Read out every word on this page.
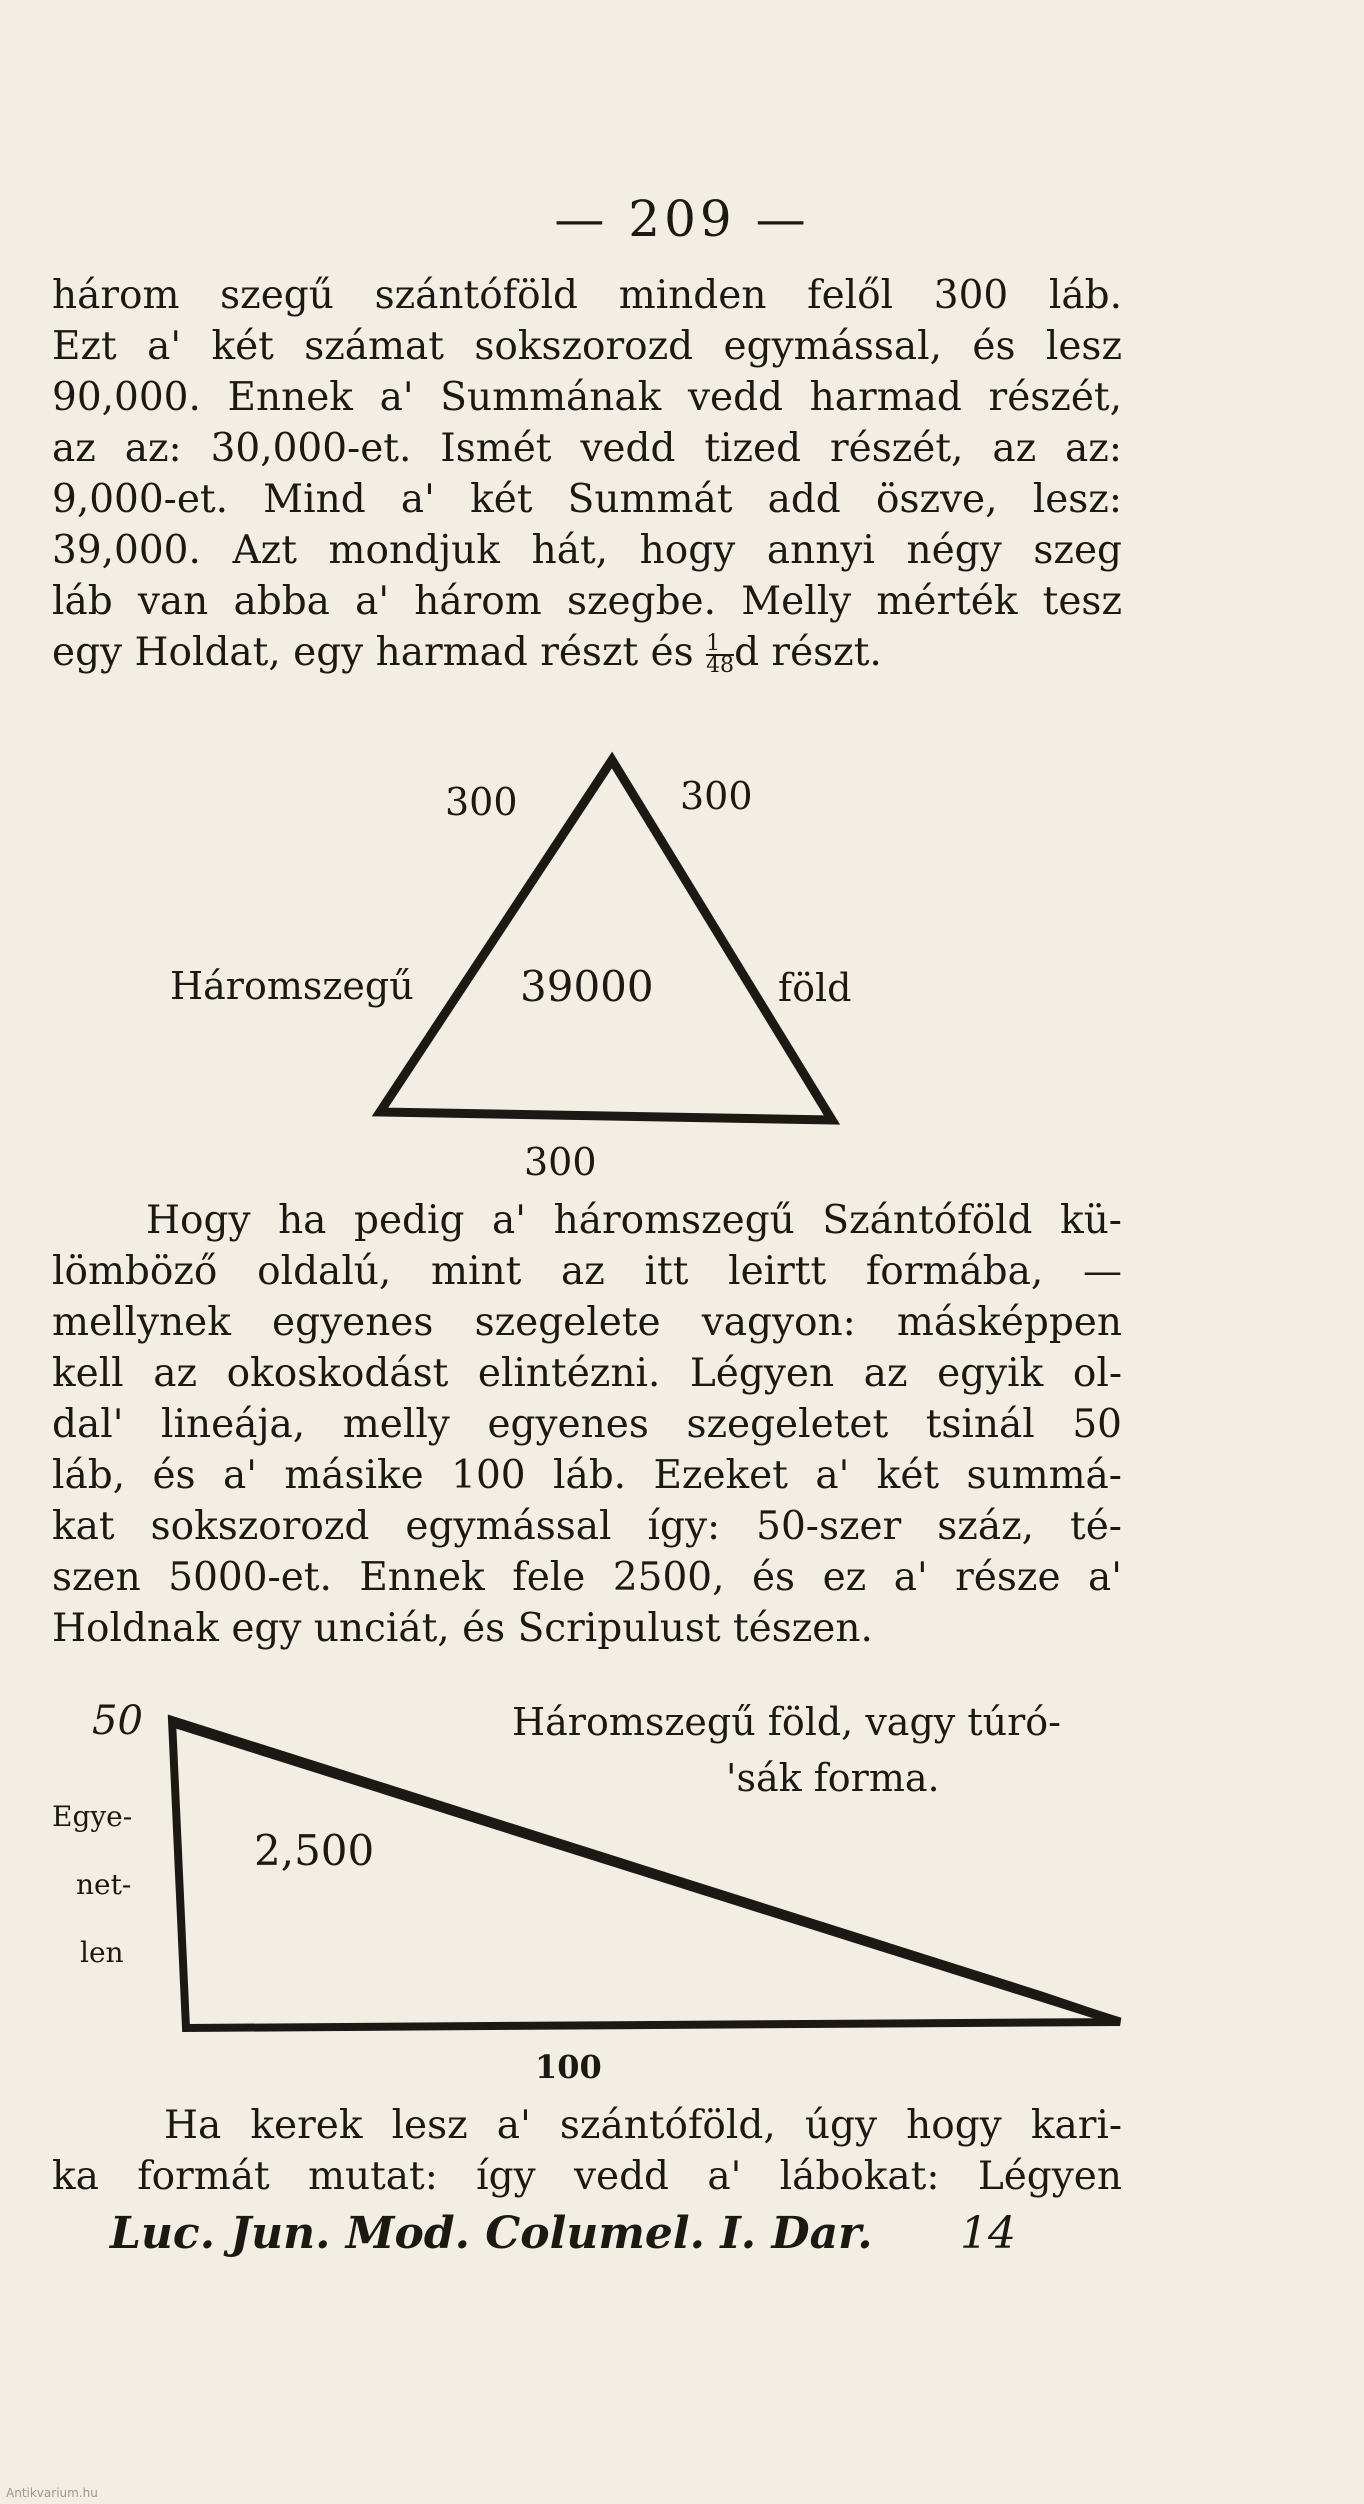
— 209 —
három szegű szántóföld minden felől 300 láb.
Ezt a' két számat sokszorozd egymással, és lesz
90,000. Ennek a' Summának vedd harmad részét,
az az: 30,000-et. Ismét vedd tized részét, az az:
9,000-et. Mind a' két Summát add öszve, lesz:
39,000. Azt mondjuk hát, hogy annyi négy szeg
láb van abba a' három szegbe. Melly mérték tesz
egy Holdat, egy harmad részt és $\frac{1}{48}$ d részt.
300	300
Háromszegű	39000	föld
300
Hogy ha pedig a' háromszegű Szántóföld kü-
lömböző oldalú, mint az itt leirtt formába, —
mellynek egyenes szegelete vagyon: másképpen
kell az okoskodást elintézni. Légyen az egyik ol-
dal' lineája, melly egyenes szegeletet tsinál 50
láb, és a' másike 100 láb. Ezeket a' két summá-
kat sokszorozd egymással így: 50-szer száz, té-
szen 5000-et. Ennek fele 2500, és ez a' része a'
Holdnak egy unciát, és Scripulust tészen.
50	Háromszegű föld, vagy túró-
'sák forma.
Egye-
net-
len
2,500
100
Ha kerek lesz a' szántóföld, úgy hogy kari-
ka formát mutat: így vedd a' lábokat: Légyen
Luc. Jun. Mod. Columel. I. Dar. 14
Antikvarium.hu
